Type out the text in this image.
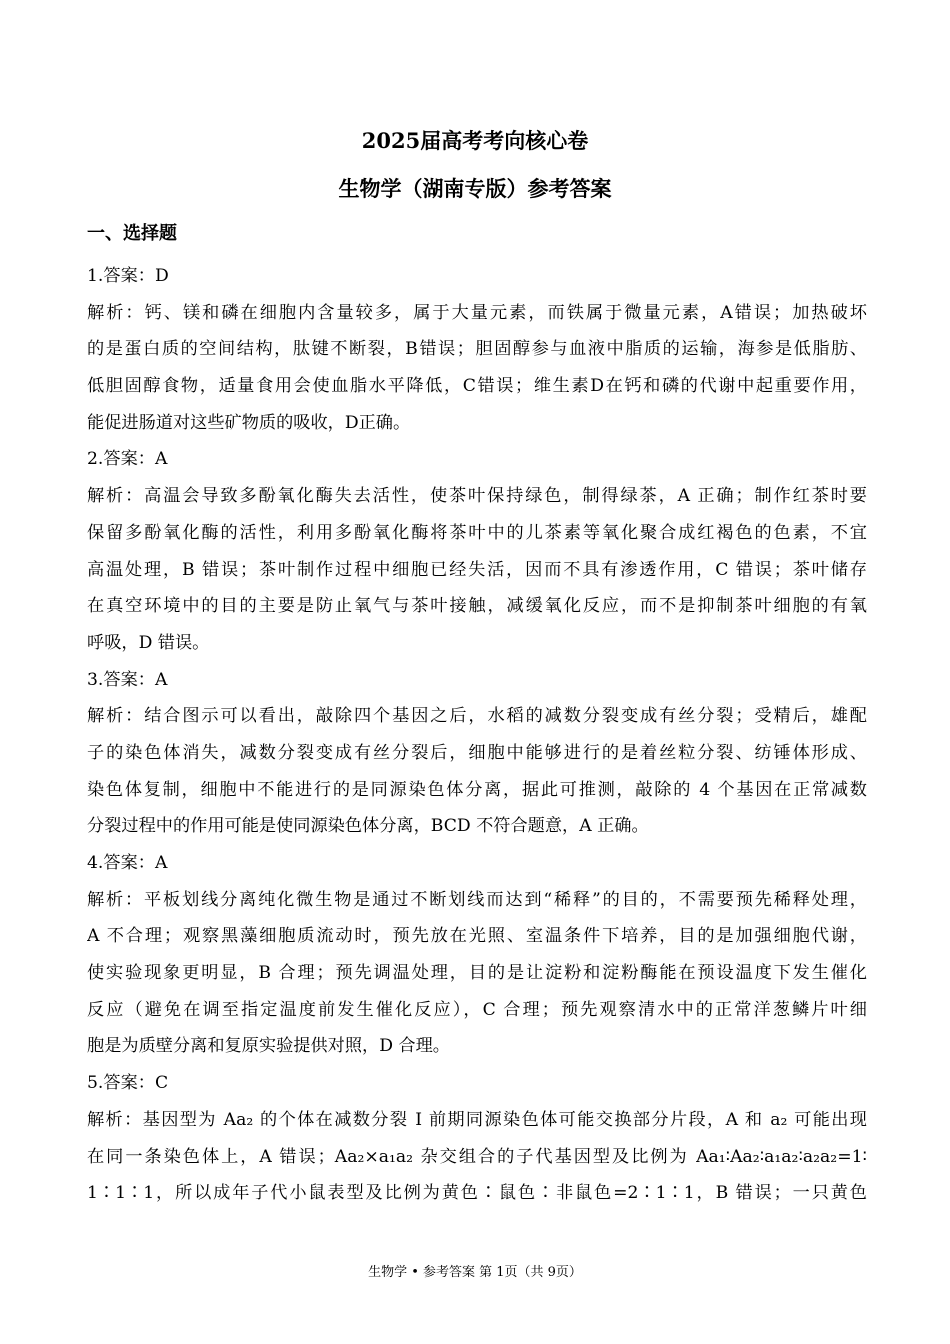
2025届高考考向核心卷
生物学（湖南专版）参考答案
一、选择题
1.答案：D
解析：钙、镁和磷在细胞内含量较多，属于大量元素，而铁属于微量元素，A错误；加热破坏
的是蛋白质的空间结构，肽键不断裂，B错误；胆固醇参与血液中脂质的运输，海参是低脂肪、
低胆固醇食物，适量食用会使血脂水平降低，C错误；维生素D在钙和磷的代谢中起重要作用，
能促进肠道对这些矿物质的吸收，D正确。
2.答案：A
解析：高温会导致多酚氧化酶失去活性，使茶叶保持绿色，制得绿茶，A 正确；制作红茶时要
保留多酚氧化酶的活性，利用多酚氧化酶将茶叶中的儿茶素等氧化聚合成红褐色的色素，不宜
高温处理，B 错误；茶叶制作过程中细胞已经失活，因而不具有渗透作用，C 错误；茶叶储存
在真空环境中的目的主要是防止氧气与茶叶接触，减缓氧化反应，而不是抑制茶叶细胞的有氧
呼吸，D 错误。
3.答案：A
解析：结合图示可以看出，敲除四个基因之后，水稻的减数分裂变成有丝分裂；受精后，雄配
子的染色体消失，减数分裂变成有丝分裂后，细胞中能够进行的是着丝粒分裂、纺锤体形成、
染色体复制，细胞中不能进行的是同源染色体分离，据此可推测，敲除的 4 个基因在正常减数
分裂过程中的作用可能是使同源染色体分离，BCD 不符合题意，A 正确。
4.答案：A
解析：平板划线分离纯化微生物是通过不断划线而达到“稀释”的目的，不需要预先稀释处理，
A 不合理；观察黑藻细胞质流动时，预先放在光照、室温条件下培养，目的是加强细胞代谢，
使实验现象更明显，B 合理；预先调温处理，目的是让淀粉和淀粉酶能在预设温度下发生催化
反应（避免在调至指定温度前发生催化反应），C 合理；预先观察清水中的正常洋葱鳞片叶细
胞是为质壁分离和复原实验提供对照，D 合理。
5.答案：C
解析：基因型为 Aa₂ 的个体在减数分裂 I 前期同源染色体可能交换部分片段，A 和 a₂ 可能出现
在同一条染色体上，A 错误；Aa₂×a₁a₂ 杂交组合的子代基因型及比例为 Aa₁∶Aa₂∶a₁a₂∶a₂a₂=1∶
1∶1∶1，所以成年子代小鼠表型及比例为黄色∶鼠色∶非鼠色=2∶1∶1，B 错误；一只黄色
生物学 • 参考答案 第 1页（共 9页）
